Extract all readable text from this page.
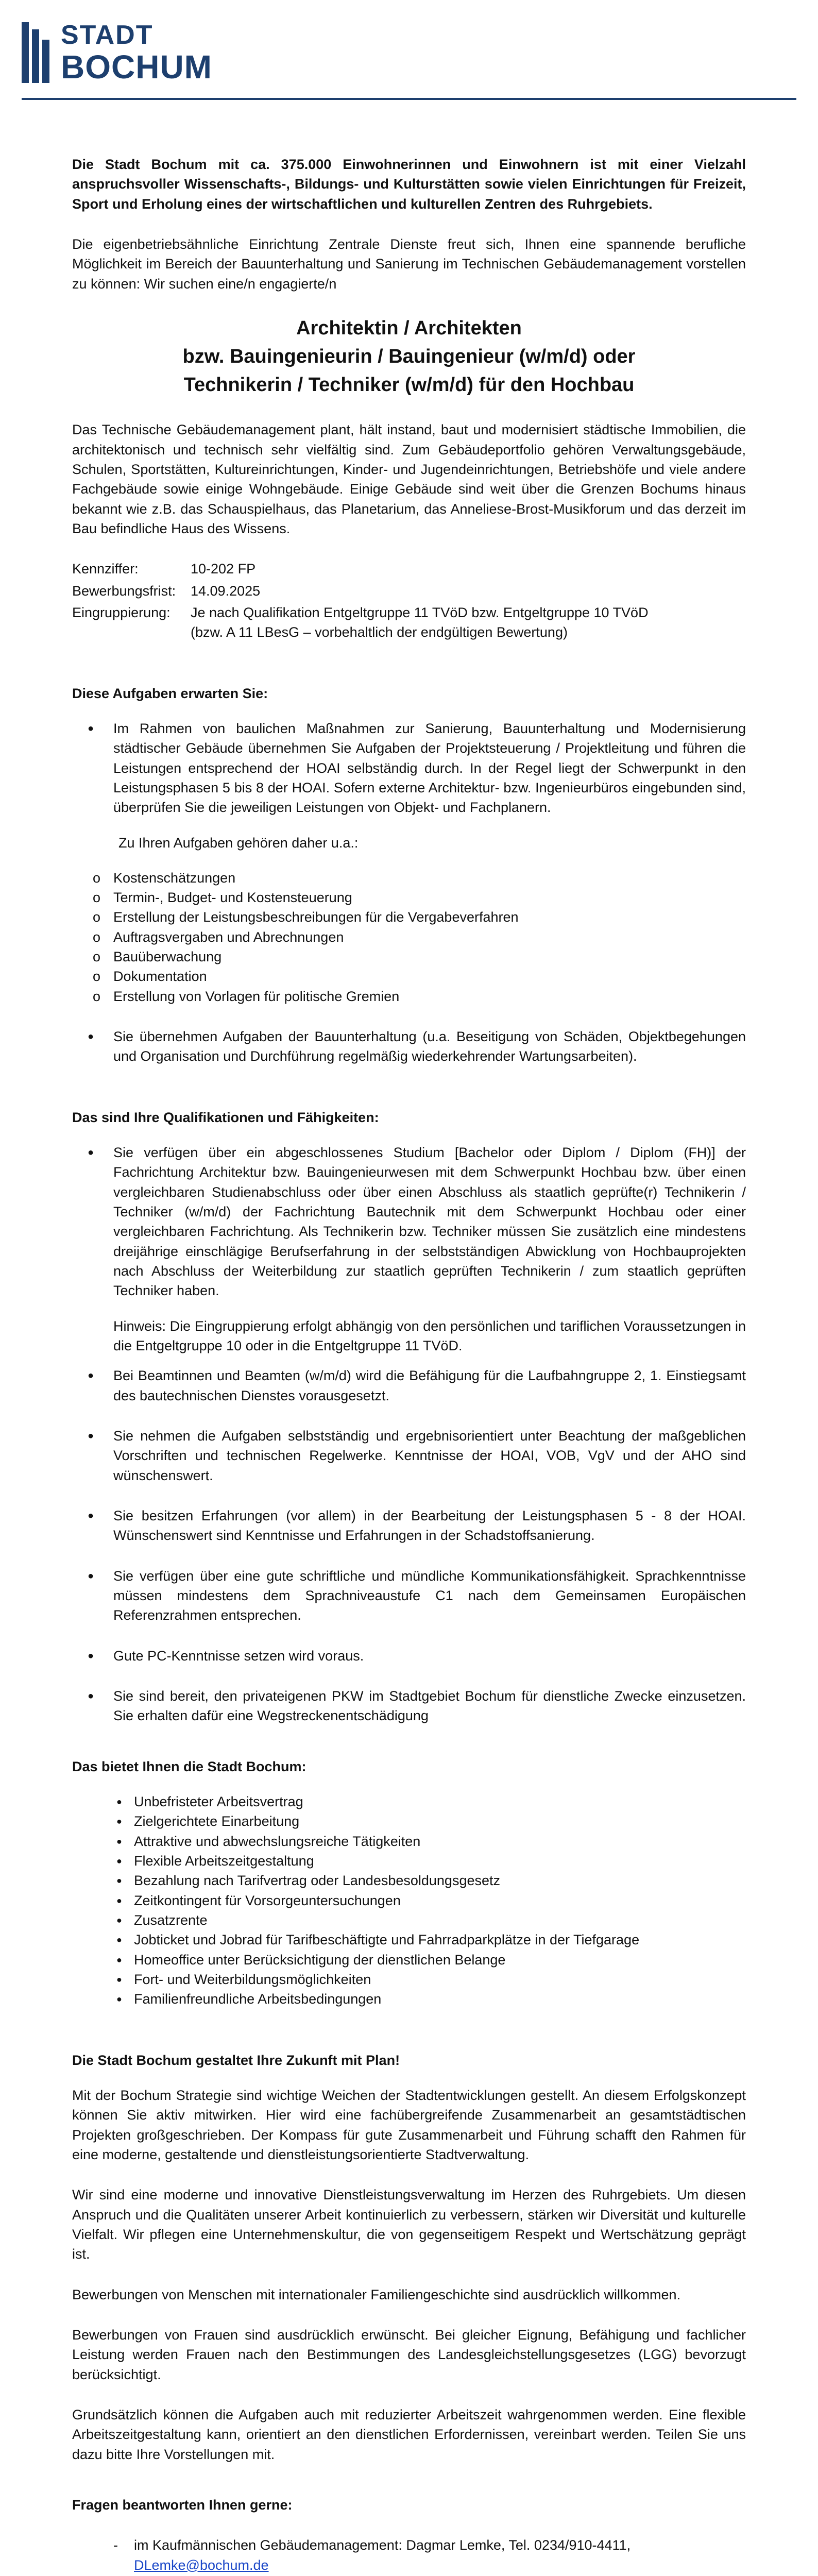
STADT
BOCHUM

Die Stadt Bochum mit ca. 375.000 Einwohnerinnen und Einwohnern ist mit einer Vielzahl anspruchsvoller Wissenschafts-, Bildungs- und Kulturstätten sowie vielen Einrichtungen für Freizeit, Sport und Erholung eines der wirtschaftlichen und kulturellen Zentren des Ruhrgebiets.

Die eigenbetriebsähnliche Einrichtung Zentrale Dienste freut sich, Ihnen eine spannende berufliche Möglichkeit im Bereich der Bauunterhaltung und Sanierung im Technischen Gebäudemanagement vorstellen zu können: Wir suchen eine/n engagierte/n

Architektin / Architekten
bzw. Bauingenieurin / Bauingenieur (w/m/d) oder
Technikerin / Techniker (w/m/d) für den Hochbau

Das Technische Gebäudemanagement plant, hält instand, baut und modernisiert städtische Immobilien, die architektonisch und technisch sehr vielfältig sind. Zum Gebäudeportfolio gehören Verwaltungsgebäude, Schulen, Sportstätten, Kultureinrichtungen, Kinder- und Jugendeinrichtungen, Betriebshöfe und viele andere Fachgebäude sowie einige Wohngebäude. Einige Gebäude sind weit über die Grenzen Bochums hinaus bekannt wie z.B. das Schauspielhaus, das Planetarium, das Anneliese-Brost-Musikforum und das derzeit im Bau befindliche Haus des Wissens.

Kennziffer:	10-202 FP
Bewerbungsfrist:	14.09.2025
Eingruppierung:	Je nach Qualifikation Entgeltgruppe 11 TVöD bzw. Entgeltgruppe 10 TVöD
(bzw. A 11 LBesG – vorbehaltlich der endgültigen Bewertung)
Diese Aufgaben erwarten Sie:
● Im Rahmen von baulichen Maßnahmen zur Sanierung, Bauunterhaltung und Modernisierung städtischer Gebäude übernehmen Sie Aufgaben der Projektsteuerung / Projektleitung und führen die Leistungen entsprechend der HOAI selbständig durch. In der Regel liegt der Schwerpunkt in den Leistungsphasen 5 bis 8 der HOAI. Sofern externe Architektur- bzw. Ingenieurbüros eingebunden sind, überprüfen Sie die jeweiligen Leistungen von Objekt- und Fachplanern.
Zu Ihren Aufgaben gehören daher u.a.:
o Kostenschätzungen
o Termin-, Budget- und Kostensteuerung
o Erstellung der Leistungsbeschreibungen für die Vergabeverfahren
o Auftragsvergaben und Abrechnungen
o Bauüberwachung
o Dokumentation
o Erstellung von Vorlagen für politische Gremien
● Sie übernehmen Aufgaben der Bauunterhaltung (u.a. Beseitigung von Schäden, Objektbegehungen und Organisation und Durchführung regelmäßig wiederkehrender Wartungsarbeiten).
Das sind Ihre Qualifikationen und Fähigkeiten:
● Sie verfügen über ein abgeschlossenes Studium [Bachelor oder Diplom / Diplom (FH)] der Fachrichtung Architektur bzw. Bauingenieurwesen mit dem Schwerpunkt Hochbau bzw. über einen vergleichbaren Studienabschluss oder über einen Abschluss als staatlich geprüfte(r) Technikerin / Techniker (w/m/d) der Fachrichtung Bautechnik mit dem Schwerpunkt Hochbau oder einer vergleichbaren Fachrichtung. Als Technikerin bzw. Techniker müssen Sie zusätzlich eine mindestens dreijährige einschlägige Berufserfahrung in der selbstständigen Abwicklung von Hochbauprojekten nach Abschluss der Weiterbildung zur staatlich geprüften Technikerin / zum staatlich geprüften Techniker haben.

Hinweis: Die Eingruppierung erfolgt abhängig von den persönlichen und tariflichen Voraussetzungen in die Entgeltgruppe 10 oder in die Entgeltgruppe 11 TVöD.

● Bei Beamtinnen und Beamten (w/m/d) wird die Befähigung für die Laufbahngruppe 2, 1. Einstiegsamt des bautechnischen Dienstes vorausgesetzt.
● Sie nehmen die Aufgaben selbstständig und ergebnisorientiert unter Beachtung der maßgeblichen Vorschriften und technischen Regelwerke. Kenntnisse der HOAI, VOB, VgV und der AHO sind wünschenswert.
● Sie besitzen Erfahrungen (vor allem) in der Bearbeitung der Leistungsphasen 5 - 8 der HOAI. Wünschenswert sind Kenntnisse und Erfahrungen in der Schadstoffsanierung.
● Sie verfügen über eine gute schriftliche und mündliche Kommunikationsfähigkeit. Sprachkenntnisse müssen mindestens dem Sprachniveaustufe C1 nach dem Gemeinsamen Europäischen Referenzrahmen entsprechen.
● Gute PC-Kenntnisse setzen wird voraus.
● Sie sind bereit, den privateigenen PKW im Stadtgebiet Bochum für dienstliche Zwecke einzusetzen. Sie erhalten dafür eine Wegstreckenentschädigung
Das bietet Ihnen die Stadt Bochum:
● Unbefristeter Arbeitsvertrag
● Zielgerichtete Einarbeitung
● Attraktive und abwechslungsreiche Tätigkeiten
● Flexible Arbeitszeitgestaltung
● Bezahlung nach Tarifvertrag oder Landesbesoldungsgesetz
● Zeitkontingent für Vorsorgeuntersuchungen
● Zusatzrente
● Jobticket und Jobrad für Tarifbeschäftigte und Fahrradparkplätze in der Tiefgarage
● Homeoffice unter Berücksichtigung der dienstlichen Belange
● Fort- und Weiterbildungsmöglichkeiten
● Familienfreundliche Arbeitsbedingungen
Die Stadt Bochum gestaltet Ihre Zukunft mit Plan!

Mit der Bochum Strategie sind wichtige Weichen der Stadtentwicklungen gestellt. An diesem Erfolgskonzept können Sie aktiv mitwirken. Hier wird eine fachübergreifende Zusammenarbeit an gesamtstädtischen Projekten großgeschrieben. Der Kompass für gute Zusammenarbeit und Führung schafft den Rahmen für eine moderne, gestaltende und dienstleistungsorientierte Stadtverwaltung.

Wir sind eine moderne und innovative Dienstleistungsverwaltung im Herzen des Ruhrgebiets. Um diesen Anspruch und die Qualitäten unserer Arbeit kontinuierlich zu verbessern, stärken wir Diversität und kulturelle Vielfalt. Wir pflegen eine Unternehmenskultur, die von gegenseitigem Respekt und Wertschätzung geprägt ist.

Bewerbungen von Menschen mit internationaler Familiengeschichte sind ausdrücklich willkommen.

Bewerbungen von Frauen sind ausdrücklich erwünscht. Bei gleicher Eignung, Befähigung und fachlicher Leistung werden Frauen nach den Bestimmungen des Landesgleichstellungsgesetzes (LGG) bevorzugt berücksichtigt.

Grundsätzlich können die Aufgaben auch mit reduzierter Arbeitszeit wahrgenommen werden. Eine flexible Arbeitszeitgestaltung kann, orientiert an den dienstlichen Erfordernissen, vereinbart werden. Teilen Sie uns dazu bitte Ihre Vorstellungen mit.

Fragen beantworten Ihnen gerne:
- im Kaufmännischen Gebäudemanagement: Dagmar Lemke, Tel. 0234/910-4411,
DLemke@bochum.de
